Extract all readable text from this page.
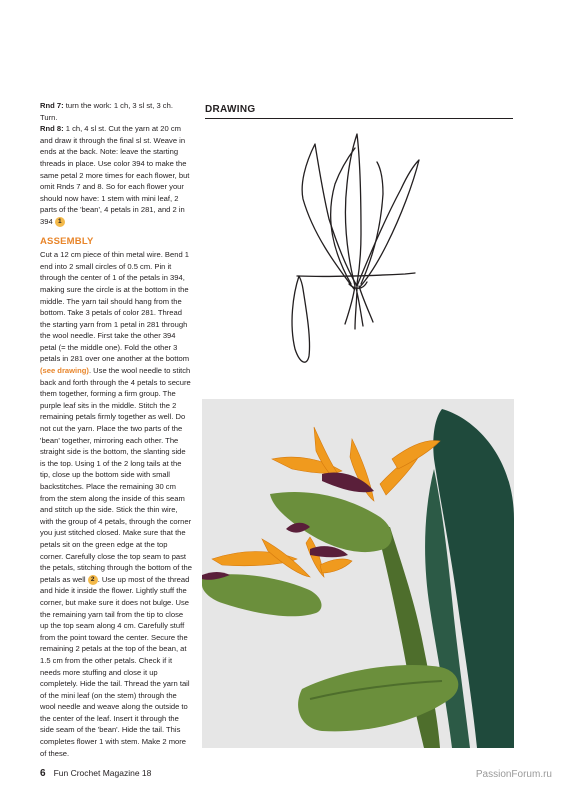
Rnd 7: turn the work: 1 ch, 3 sl st, 3 ch. Turn.

Rnd 8: 1 ch, 4 sl st. Cut the yarn at 20 cm and draw it through the final sl st. Weave in ends at the back. Note: leave the starting threads in place. Use color 394 to make the same petal 2 more times for each flower, but omit Rnds 7 and 8. So for each flower your should now have: 1 stem with mini leaf, 2 parts of the 'bean', 4 petals in 281, and 2 in 394 1

ASSEMBLY

Cut a 12 cm piece of thin metal wire. Bend 1 end into 2 small circles of 0.5 cm. Pin it through the center of 1 of the petals in 394, making sure the circle is at the bottom in the middle. The yarn tail should hang from the bottom. Take 3 petals of color 281. Thread the starting yarn from 1 petal in 281 through the wool needle. First take the other 394 petal (= the middle one). Fold the other 3 petals in 281 over one another at the bottom (see drawing). Use the wool needle to stitch back and forth through the 4 petals to secure them together, forming a firm group. The purple leaf sits in the middle. Stitch the 2 remaining petals firmly together as well. Do not cut the yarn. Place the two parts of the 'bean' together, mirroring each other. The straight side is the bottom, the slanting side is the top. Using 1 of the 2 long tails at the tip, close up the bottom side with small backstitches. Place the remaining 30 cm from the stem along the inside of this seam and stitch up the side. Stick the thin wire, with the group of 4 petals, through the corner you just stitched closed. Make sure that the petals sit on the green edge at the top corner. Carefully close the top seam to past the petals, stitching through the bottom of the petals as well 2 . Use up most of the thread and hide it inside the flower. Lightly stuff the corner, but make sure it does not bulge. Use the remaining yarn tail from the tip to close up the top seam along 4 cm. Carefully stuff from the point toward the center. Secure the remaining 2 petals at the top of the bean, at 1.5 cm from the other petals. Check if it needs more stuffing and close it up completely. Hide the tail. Thread the yarn tail of the mini leaf (on the stem) through the wool needle and weave along the outside to the center of the leaf. Insert it through the side seam of the 'bean'. Hide the tail. This completes flower 1 with stem. Make 2 more of these.

DRAWING
6 Fun Crochet Magazine 18	PassionForum.ru
